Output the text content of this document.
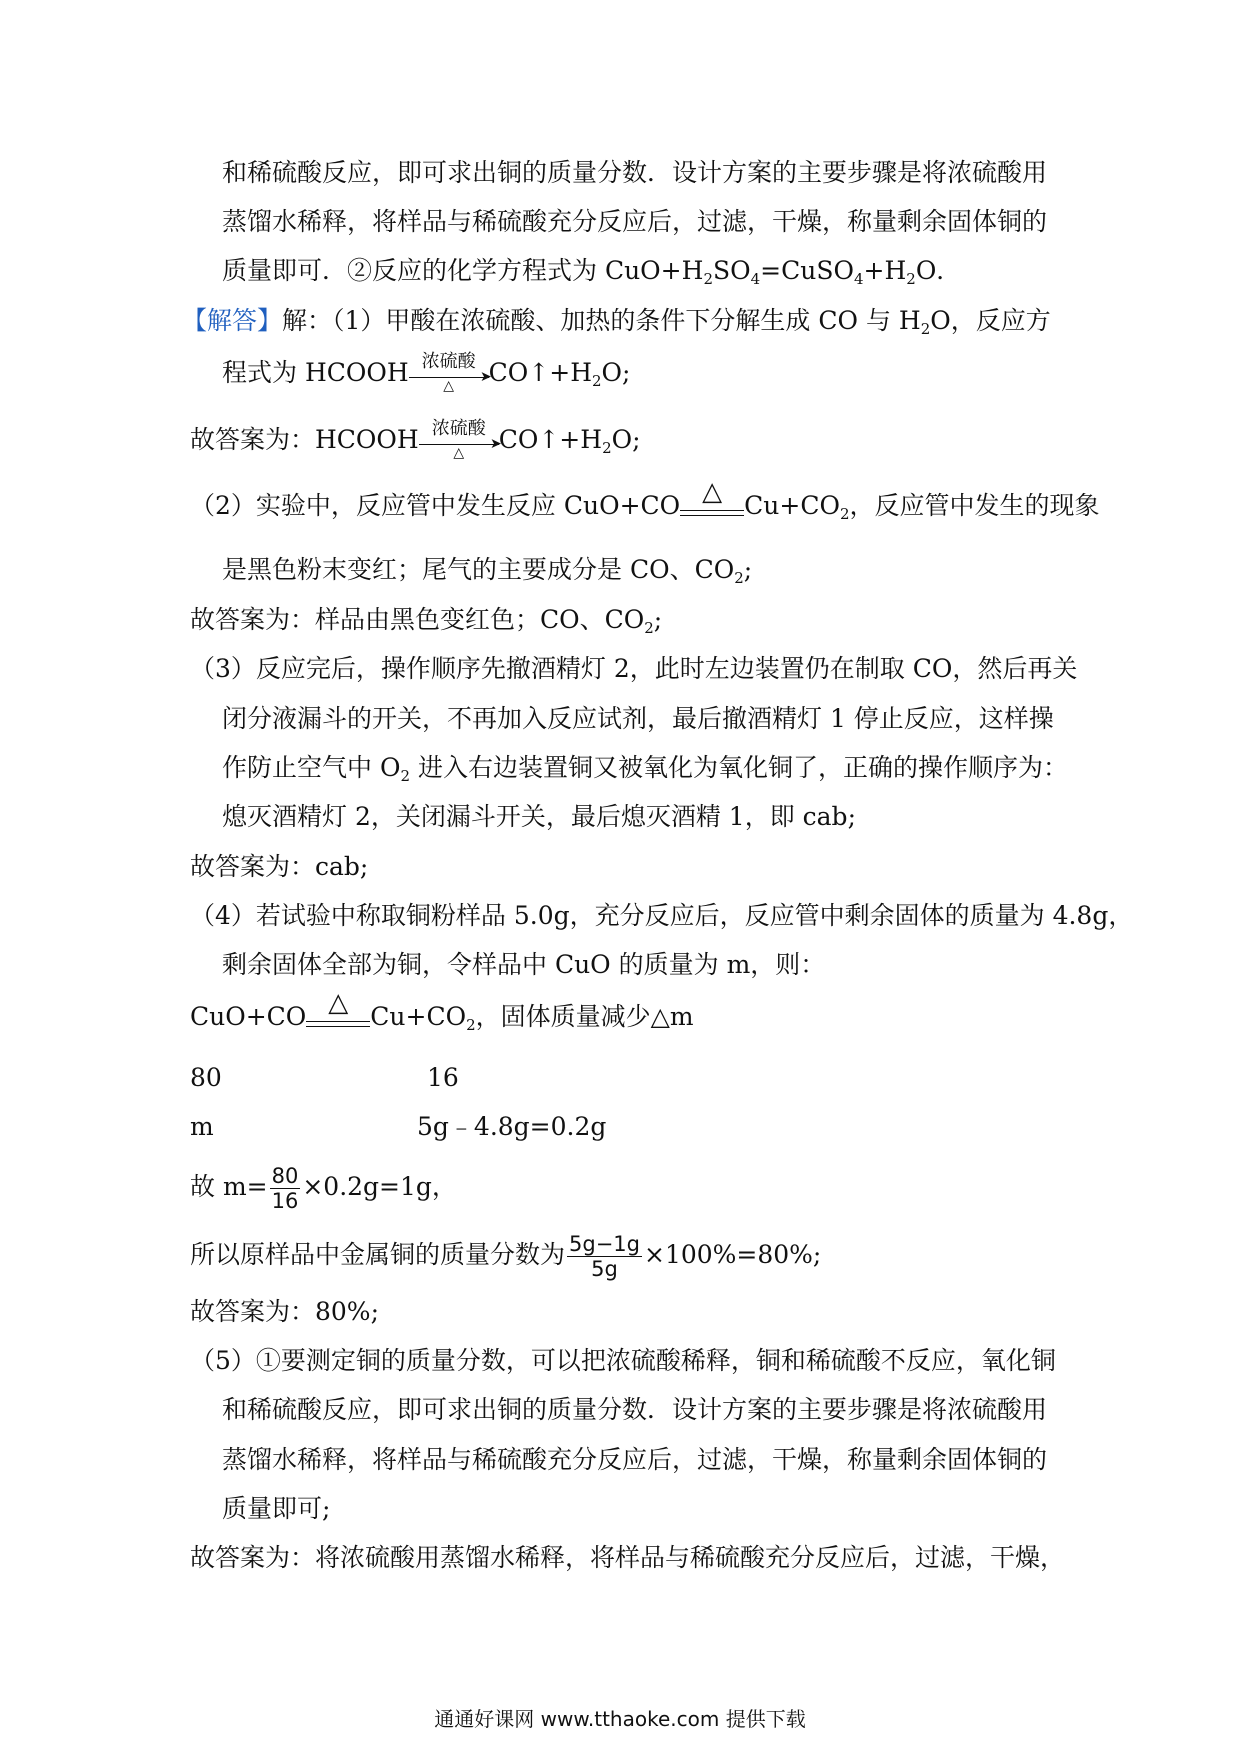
和稀硫酸反应，即可求出铜的质量分数．设计方案的主要步骤是将浓硫酸用
蒸馏水稀释，将样品与稀硫酸充分反应后，过滤，干燥，称量剩余固体铜的
质量即可．②反应的化学方程式为 $CuO+H_2SO_4=CuSO_4+H_2O$．
【解答】解：（1）甲酸在浓硫酸、加热的条件下分解生成 CO 与 $H_2O$，反应方
程式为 HCOOH 浓硫酸
➤
△	$CO↑+H_2O$;
故答案为：HCOOH 浓硫酸
➤
△	$CO↑+H_2O$;
（2）实验中，反应管中发生反应 CuO+CO △ $Cu+CO_2$，反应管中发生的现象
是黑色粉末变红；尾气的主要成分是 CO、$CO_2$;
故答案为：样品由黑色变红色；CO、$CO_2$;
（3）反应完后，操作顺序先撤酒精灯 2，此时左边装置仍在制取 CO，然后再关
闭分液漏斗的开关，不再加入反应试剂，最后撤酒精灯 1 停止反应，这样操
作防止空气中 $O_2$ 进入右边装置铜又被氧化为氧化铜了，正确的操作顺序为：
熄灭酒精灯 2，关闭漏斗开关，最后熄灭酒精 1，即 cab;
故答案为：cab;
（4）若试验中称取铜粉样品 5.0g，充分反应后，反应管中剩余固体的质量为 4.8g，
剩余固体全部为铜，令样品中 CuO 的质量为 m，则：
CuO+CO △ $Cu+CO_2$，固体质量减少△m
80	16
m	5g﹣4.8g=0.2g
故 $m= \frac{80}{16} \times 0.2g=1g$，
所以原样品中金属铜的质量分数为 $\frac{5g-1g}{5g} \times 100\%=80\%$;
故答案为：80%;
（5）①要测定铜的质量分数，可以把浓硫酸稀释，铜和稀硫酸不反应，氧化铜
和稀硫酸反应，即可求出铜的质量分数．设计方案的主要步骤是将浓硫酸用
蒸馏水稀释，将样品与稀硫酸充分反应后，过滤，干燥，称量剩余固体铜的
质量即可;
故答案为：将浓硫酸用蒸馏水稀释，将样品与稀硫酸充分反应后，过滤，干燥，
通通好课网 www.tthaoke.com 提供下载
